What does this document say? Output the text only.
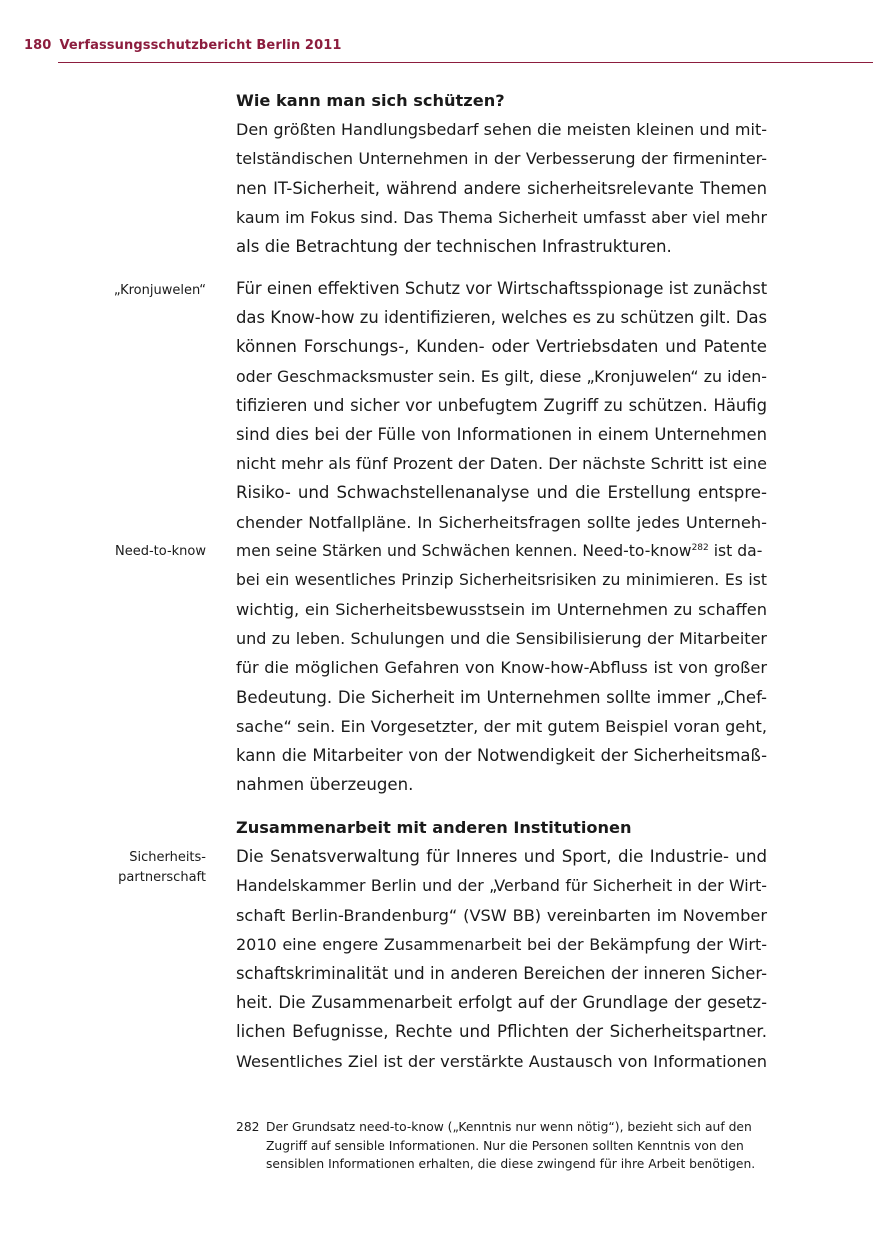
180 Verfassungsschutzbericht Berlin 2011
Wie kann man sich schützen?
Den größten Handlungsbedarf sehen die meisten kleinen und mit-
telständischen Unternehmen in der Verbesserung der firmeninter-
nen IT-Sicherheit, während andere sicherheitsrelevante Themen
kaum im Fokus sind. Das Thema Sicherheit umfasst aber viel mehr
als die Betrachtung der technischen Infrastrukturen.
Für einen effektiven Schutz vor Wirtschaftsspionage ist zunächst
das Know-how zu identifizieren, welches es zu schützen gilt. Das
können Forschungs-, Kunden- oder Vertriebsdaten und Patente
oder Geschmacksmuster sein. Es gilt, diese „Kronjuwelen“ zu iden-
tifizieren und sicher vor unbefugtem Zugriff zu schützen. Häufig
sind dies bei der Fülle von Informationen in einem Unternehmen
nicht mehr als fünf Prozent der Daten. Der nächste Schritt ist eine
Risiko- und Schwachstellenanalyse und die Erstellung entspre-
chender Notfallpläne. In Sicherheitsfragen sollte jedes Unterneh-
men seine Stärken und Schwächen kennen. Need-to-know$^{282}$ ist da-
bei ein wesentliches Prinzip Sicherheitsrisiken zu minimieren. Es ist
wichtig, ein Sicherheitsbewusstsein im Unternehmen zu schaffen
und zu leben. Schulungen und die Sensibilisierung der Mitarbeiter
für die möglichen Gefahren von Know-how-Abfluss ist von großer
Bedeutung. Die Sicherheit im Unternehmen sollte immer „Chef-
sache“ sein. Ein Vorgesetzter, der mit gutem Beispiel voran geht,
kann die Mitarbeiter von der Notwendigkeit der Sicherheitsmaß-
nahmen überzeugen.
Zusammenarbeit mit anderen Institutionen
Die Senatsverwaltung für Inneres und Sport, die Industrie- und
Handelskammer Berlin und der „Verband für Sicherheit in der Wirt-
schaft Berlin-Brandenburg“ (VSW BB) vereinbarten im November
2010 eine engere Zusammenarbeit bei der Bekämpfung der Wirt-
schaftskriminalität und in anderen Bereichen der inneren Sicher-
heit. Die Zusammenarbeit erfolgt auf der Grundlage der gesetz-
lichen Befugnisse, Rechte und Pflichten der Sicherheitspartner.
Wesentliches Ziel ist der verstärkte Austausch von Informationen
„Kronjuwelen“
Need-to-know
Sicherheits-
partnerschaft
282 Der Grundsatz need-to-know („Kenntnis nur wenn nötig“), bezieht sich auf den
Zugriff auf sensible Informationen. Nur die Personen sollten Kenntnis von den
sensiblen Informationen erhalten, die diese zwingend für ihre Arbeit benötigen.
